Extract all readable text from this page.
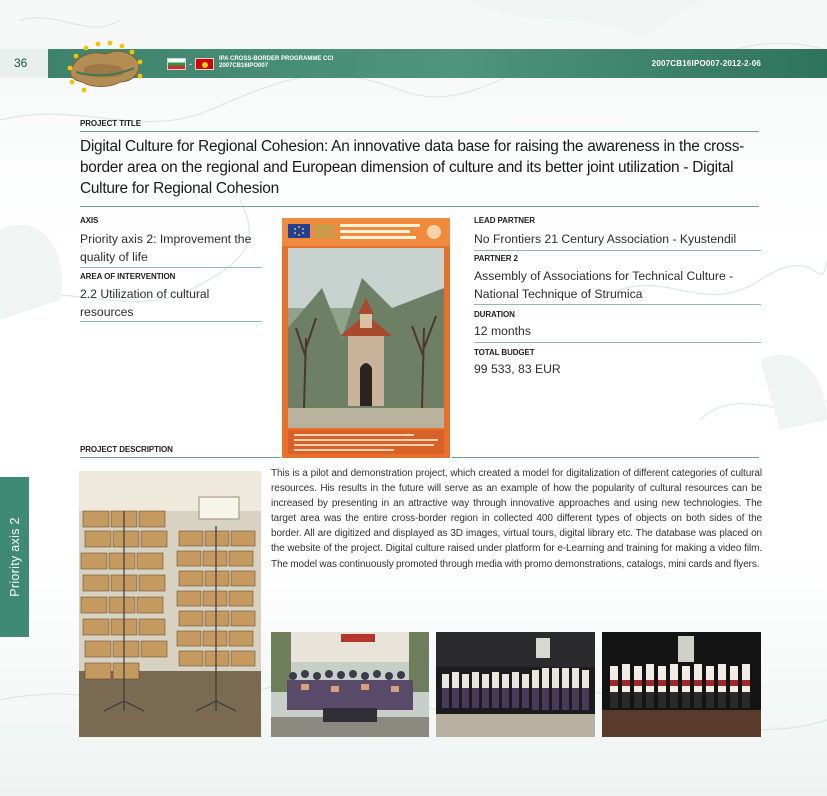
36	-	IPA CROSS-BORDER PROGRAMME CCI 2007CB16IPO007	2007CB16IPO007-2012-2-06
PROJECT TITLE
Digital Culture for Regional Cohesion: An innovative data base for raising the awareness in the cross-border area on the regional and European dimension of culture and its better joint utilization - Digital Culture for Regional Cohesion
AXIS
Priority axis 2: Improvement the quality of life
AREA OF INTERVENTION
2.2 Utilization of cultural resources
LEAD PARTNER
No Frontiers 21 Century Association - Kyustendil
PARTNER 2
Assembly of Associations for Technical Culture - National Technique of Strumica
DURATION
12 months
TOTAL BUDGET
99 533, 83 EUR
PROJECT DESCRIPTION
This is a pilot and demonstration project, which created a model for digitalization of different categories of cultural resources. His results in the future will serve as an example of how the popularity of cultural resources can be increased by presenting in an attractive way through innovative approaches and using new technologies. The target area was the entire cross-border region in collected 400 different types of objects on both sides of the border. All are digitized and displayed as 3D images, virtual tours, digital library etc. The database was placed on the website of the project. Digital culture raised under platform for e-Learning and training for making a video film. The model was continuously promoted through media with promo demonstrations, catalogs, mini cards and flyers.
Priority axis 2
